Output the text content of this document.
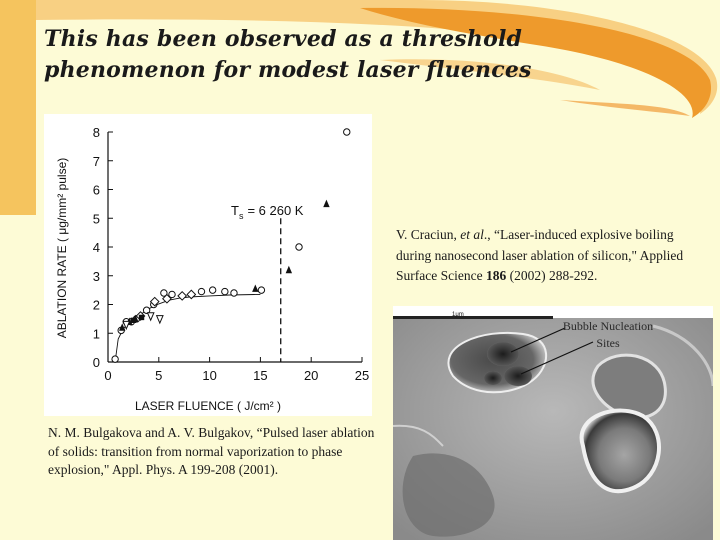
This has been observed as a threshold phenomenon for modest laser fluences
0	5	10	15	20	25
0
1
2
3
4
5
6
7
8
LASER FLUENCE ( J/cm² )
ABLATION RATE ( μg/mm² pulse)	$T_s = 6$ 260 K

N. M. Bulgakova and A. V. Bulgakov, “Pulsed laser ablation of solids: transition from normal vaporization to phase explosion," Appl. Phys. A 199-208 (2001).

V. Craciun, et al., “Laser-induced explosive boiling during nanosecond laser ablation of silicon," Applied Surface Science 186 (2002) 288-292.

1μm
Bubble Nucleation
Sites
